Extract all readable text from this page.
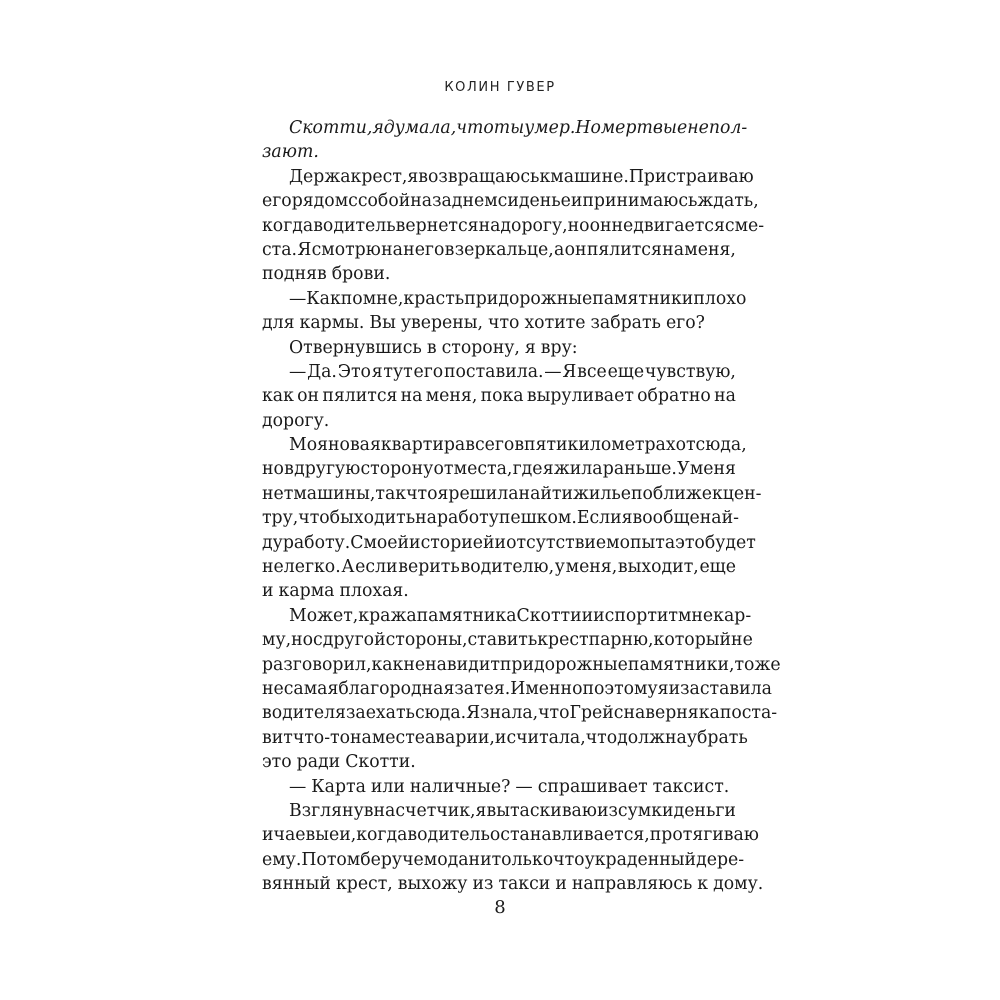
КОЛИН ГУВЕР
Скотти, я думала, что ты умер. Но мертвые не пол-
зают.
Держа крест, я возвращаюсь к машине. Пристраиваю
его рядом с собой на заднем сиденье и принимаюсь ждать,
когда водитель вернется на дорогу, но он не двигается с ме-
ста. Я смотрю на него в зеркальце, а он пялится на меня,
подняв брови.
— Как по мне, красть придорожные памятники плохо
для кармы. Вы уверены, что хотите забрать его?
Отвернувшись в сторону, я вру:
— Да. Это я тут его поставила. — Я все еще чувствую,
как он пялится на меня, пока выруливает обратно на
дорогу.
Моя новая квартира всего в пяти километрах отсюда,
но в другую сторону от места, где я жила раньше. У меня
нет машины, так что я решила найти жилье поближе к цен-
тру, чтобы ходить на работу пешком. Если я вообще най-
ду работу. С моей историей и отсутствием опыта это будет
нелегко. А если верить водителю, у меня, выходит, еще
и карма плохая.
Может, кража памятника Скотти и испортит мне кар-
му, но с другой стороны, ставить крест парню, который не
раз говорил, как ненавидит придорожные памятники, тоже
не самая благородная затея. Именно поэтому я и заставила
водителя заехать сюда. Я знала, что Грейс наверняка поста-
вит что-то на месте аварии, и считала, что должна убрать
это ради Скотти.
— Карта или наличные? — спрашивает таксист.
Взглянув на счетчик, я вытаскиваю из сумки деньги
и чаевые и, когда водитель останавливается, протягиваю
ему. Потом беру чемодан и только что украденный дере-
вянный крест, выхожу из такси и направляюсь к дому.
8
